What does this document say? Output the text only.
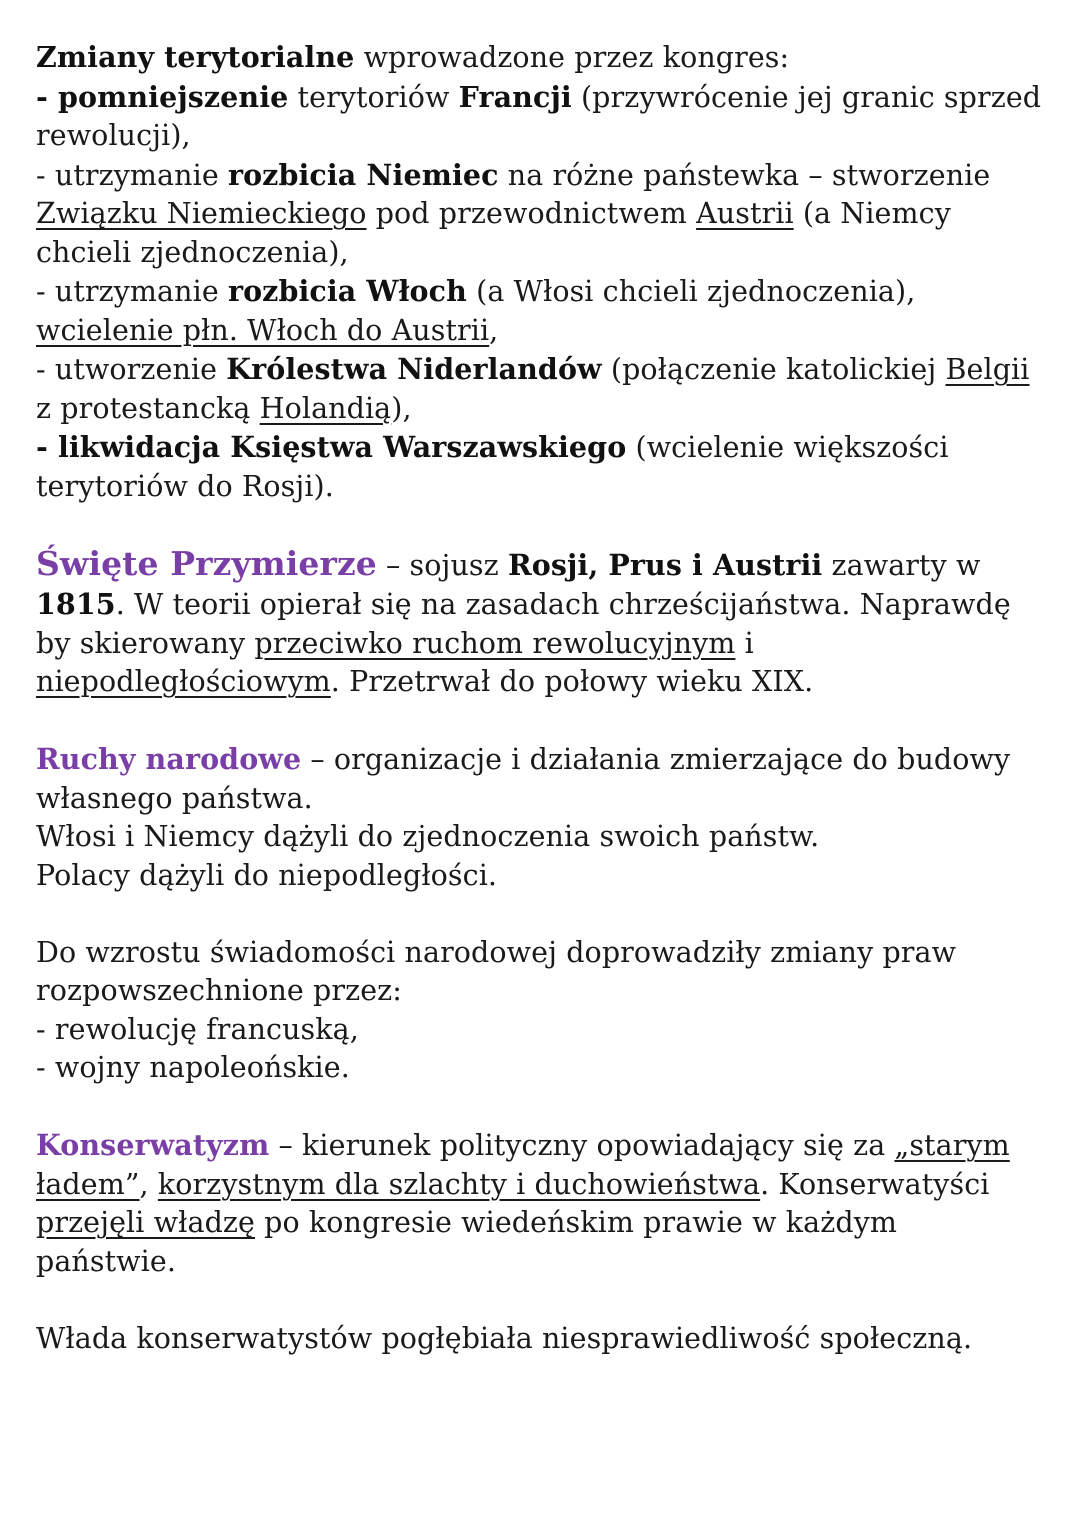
Zmiany terytorialne wprowadzone przez kongres:

- pomniejszenie terytoriów Francji (przywrócenie jej granic sprzed rewolucji),

- utrzymanie rozbicia Niemiec na różne państewka – stworzenie Związku Niemieckiego pod przewodnictwem Austrii (a Niemcy chcieli zjednoczenia),

- utrzymanie rozbicia Włoch (a Włosi chcieli zjednoczenia), wcielenie płn. Włoch do Austrii,

- utworzenie Królestwa Niderlandów (połączenie katolickiej Belgii z protestancką Holandią),

- likwidacja Księstwa Warszawskiego (wcielenie większości terytoriów do Rosji).

Święte Przymierze – sojusz Rosji, Prus i Austrii zawarty w 1815. W teorii opierał się na zasadach chrześcijaństwa. Naprawdę by skierowany przeciwko ruchom rewolucyjnym i niepodległościowym. Przetrwał do połowy wieku XIX.

Ruchy narodowe – organizacje i działania zmierzające do budowy własnego państwa.

Włosi i Niemcy dążyli do zjednoczenia swoich państw.

Polacy dążyli do niepodległości.

Do wzrostu świadomości narodowej doprowadziły zmiany praw rozpowszechnione przez:

- rewolucję francuską,

- wojny napoleońskie.

Konserwatyzm – kierunek polityczny opowiadający się za „starym ładem”, korzystnym dla szlachty i duchowieństwa. Konserwatyści przejęli władzę po kongresie wiedeńskim prawie w każdym państwie.

Włada konserwatystów pogłębiała niesprawiedliwość społeczną.
